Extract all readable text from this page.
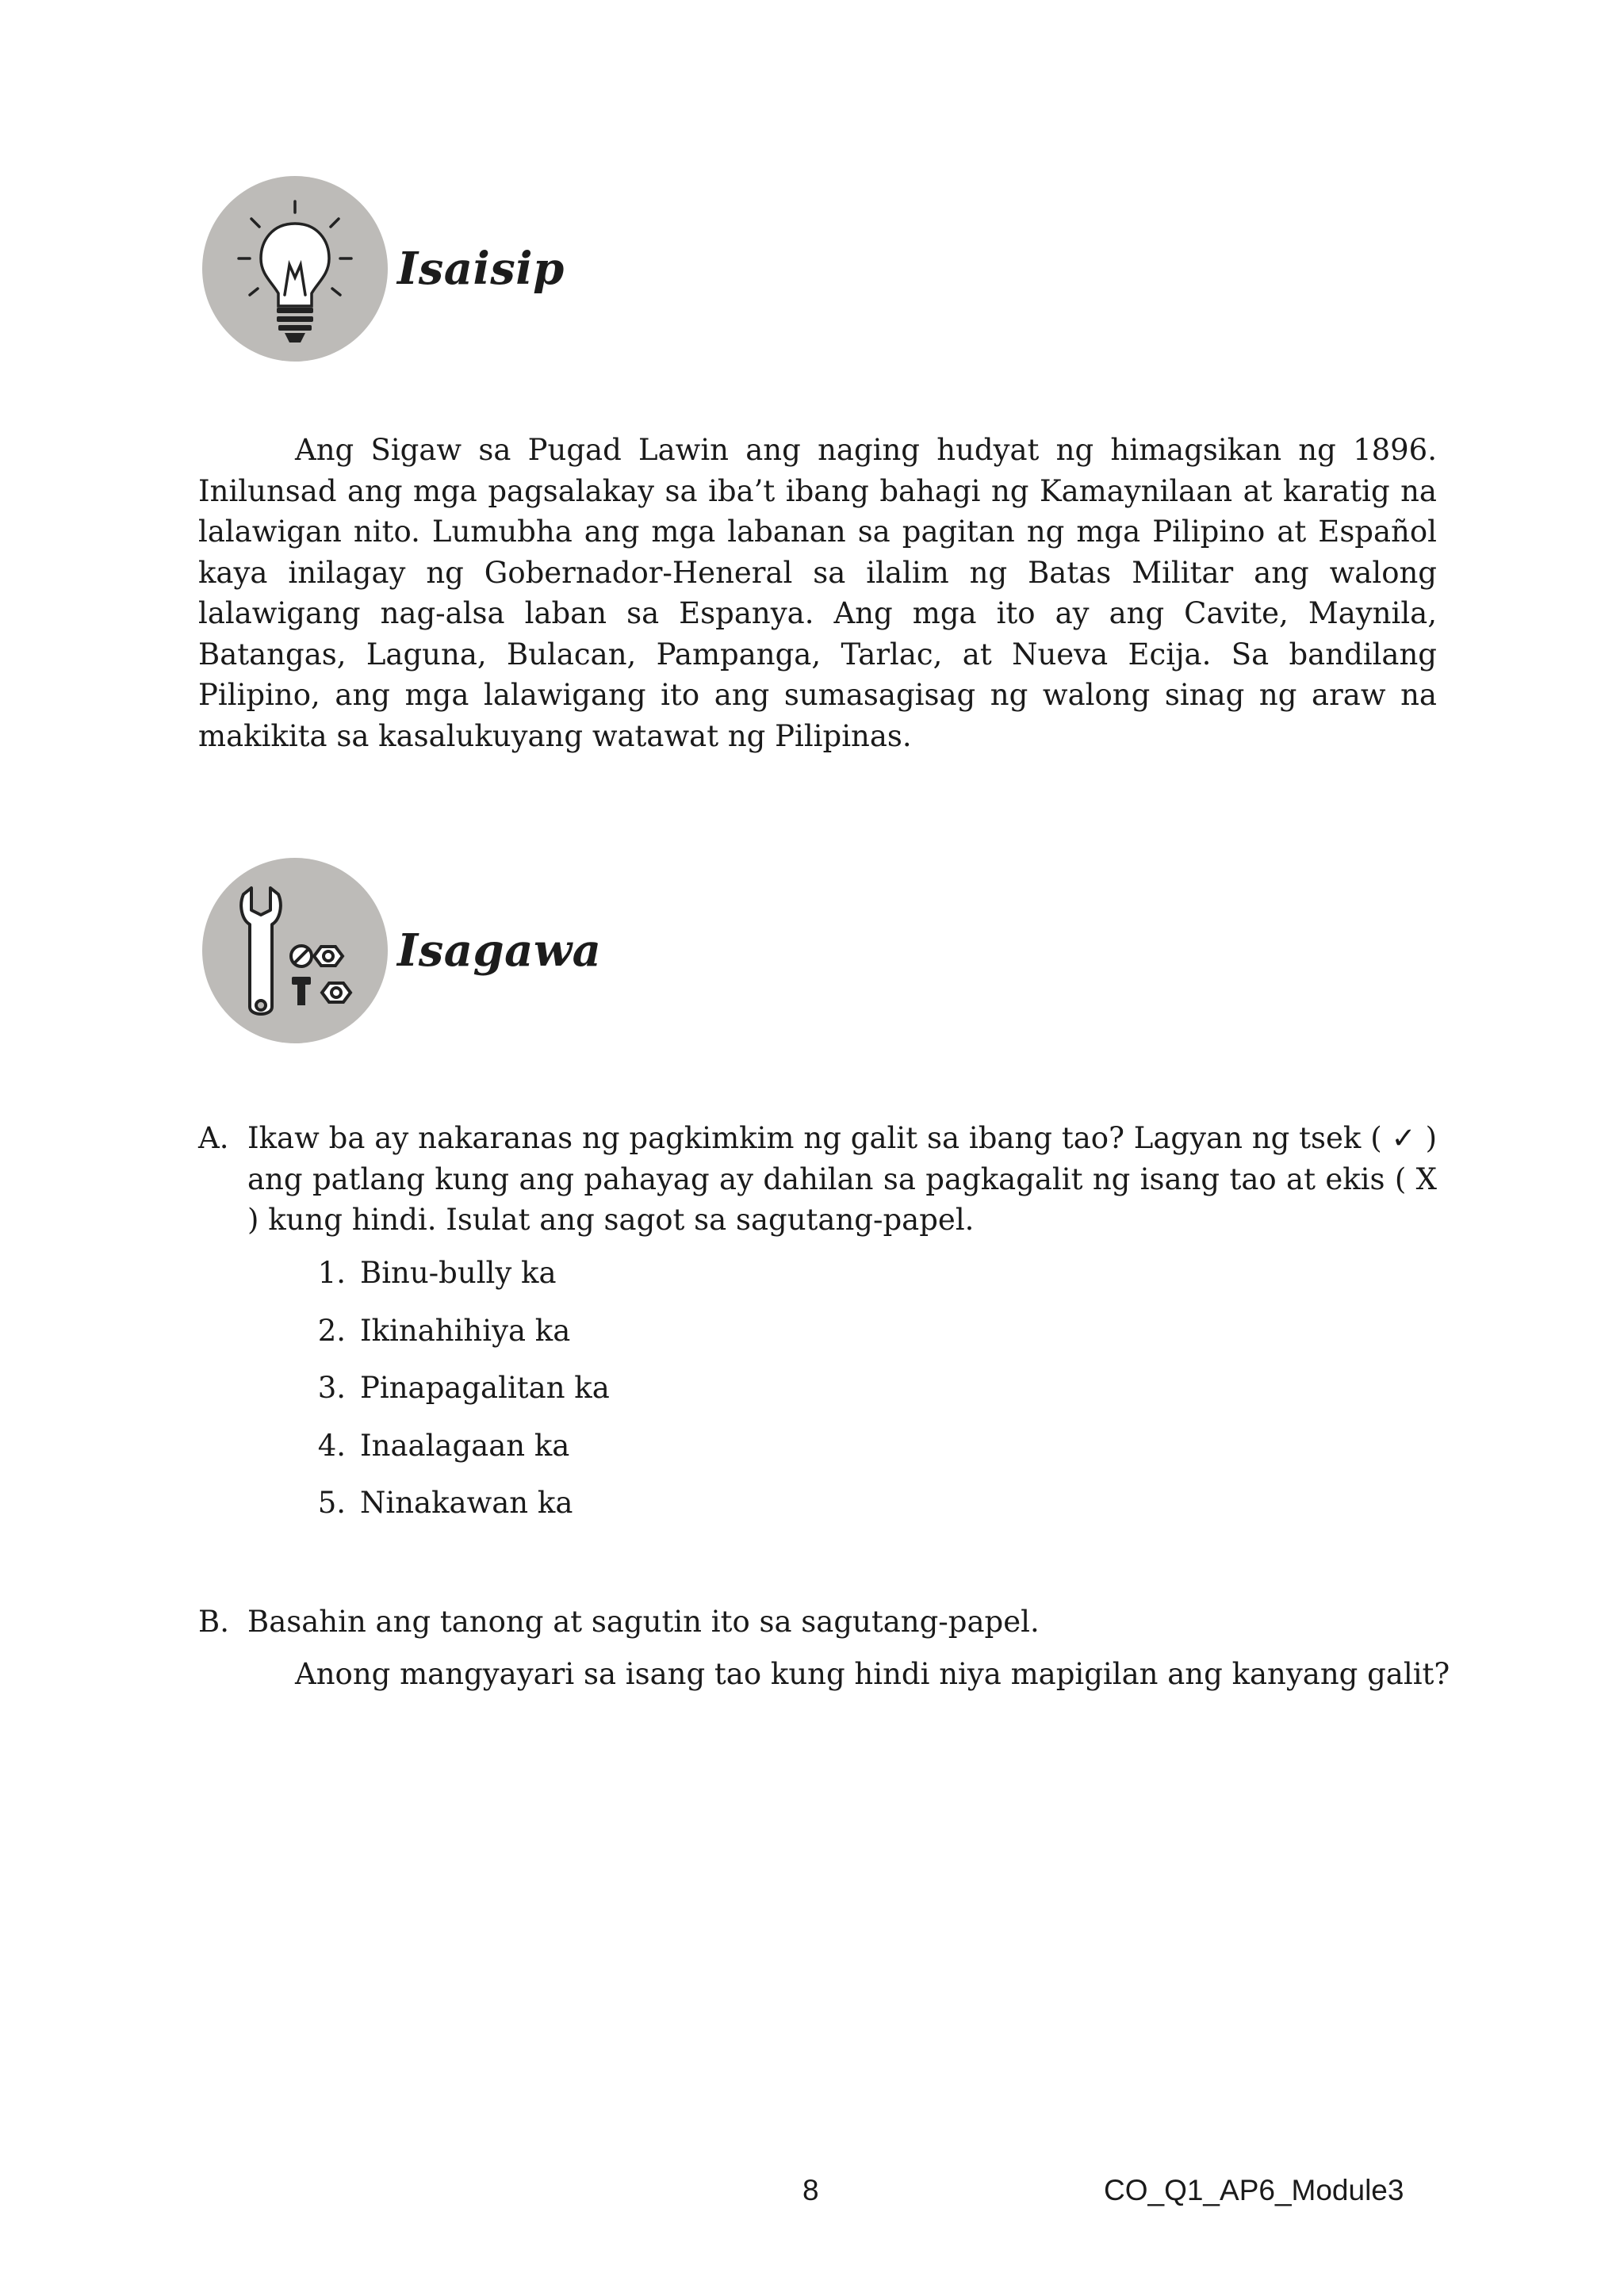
Isaisip
Ang Sigaw sa Pugad Lawin ang naging hudyat ng himagsikan ng 1896. Inilunsad ang mga pagsalakay sa iba’t ibang bahagi ng Kamaynilaan at karatig na lalawigan nito. Lumubha ang mga labanan sa pagitan ng mga Pilipino at Español kaya inilagay ng Gobernador-Heneral sa ilalim ng Batas Militar ang walong lalawigang nag-alsa laban sa Espanya. Ang mga ito ay ang Cavite, Maynila, Batangas, Laguna, Bulacan, Pampanga, Tarlac, at Nueva Ecija. Sa bandilang Pilipino, ang mga lalawigang ito ang sumasagisag ng walong sinag ng araw na makikita sa kasalukuyang watawat ng Pilipinas.
Isagawa
A. Ikaw ba ay nakaranas ng pagkimkim ng galit sa ibang tao? Lagyan ng tsek ( ✓ ) ang patlang kung ang pahayag ay dahilan sa pagkagalit ng isang tao at ekis ( X ) kung hindi. Isulat ang sagot sa sagutang-papel.
1. Binu-bully ka
2. Ikinahihiya ka
3. Pinapagalitan ka
4. Inaalagaan ka
5. Ninakawan ka
B. Basahin ang tanong at sagutin ito sa sagutang-papel.
Anong mangyayari sa isang tao kung hindi niya mapigilan ang kanyang galit?
8	CO_Q1_AP6_Module3
